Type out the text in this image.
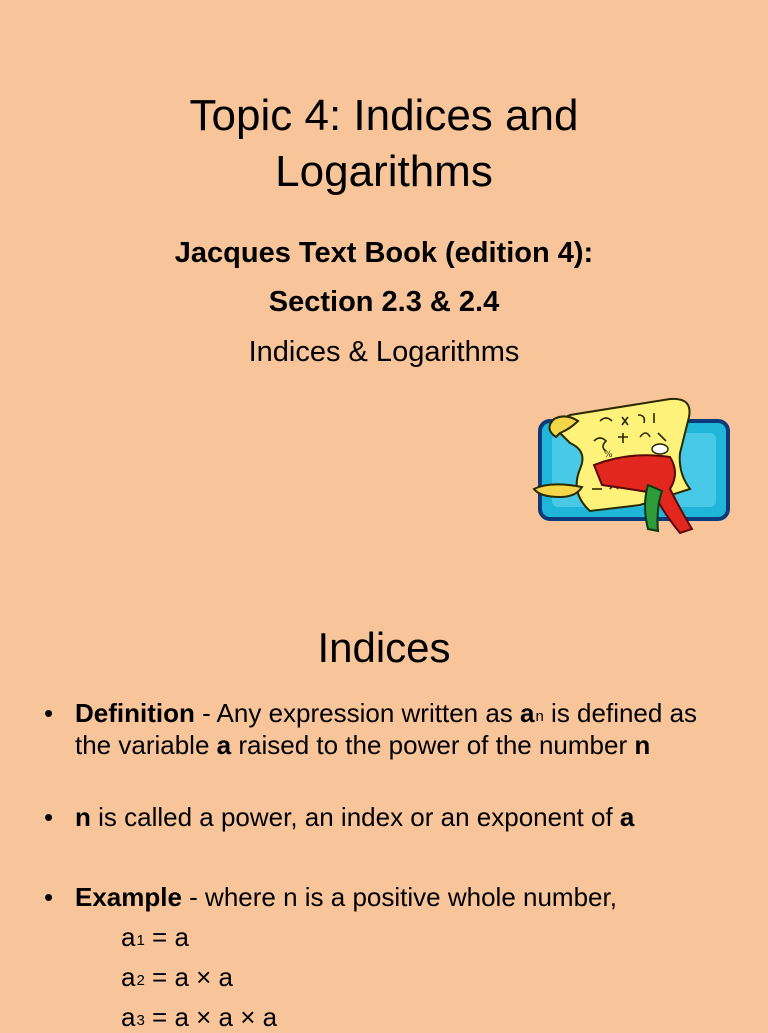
Topic 4: Indices and
Logarithms
Jacques Text Book (edition 4):
Section 2.3 & 2.4
Indices & Logarithms
%
Indices
• Definition - Any expression written as $a^n$ is defined as the variable a raised to the power of the number n
• n is called a power, an index or an exponent of a
• Example - where n is a positive whole number,
$a^1 = a$
$a^2 = a \times a$
$a^3 = a \times a \times a$
